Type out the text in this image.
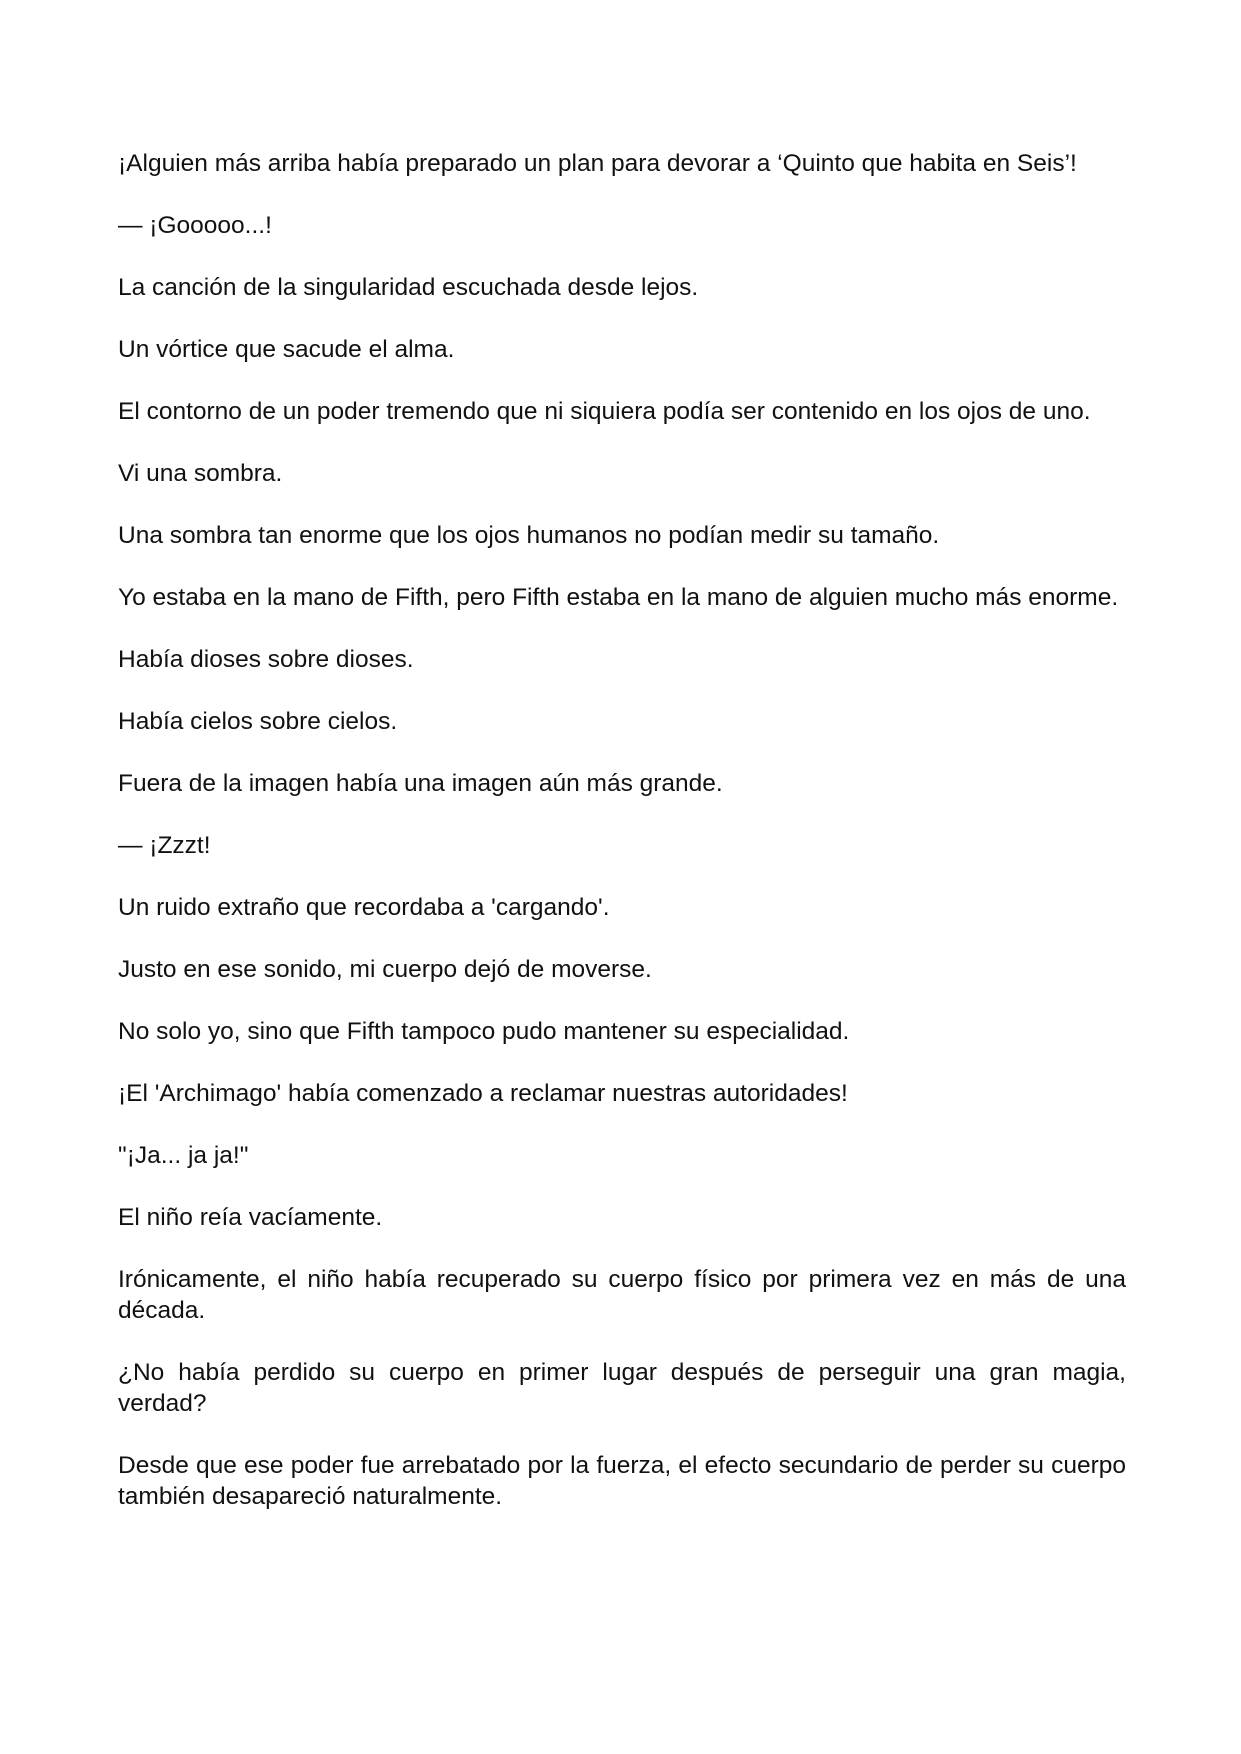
¡Alguien más arriba había preparado un plan para devorar a ‘Quinto que habita en Seis’!

— ¡Gooooo...!

La canción de la singularidad escuchada desde lejos.

Un vórtice que sacude el alma.

El contorno de un poder tremendo que ni siquiera podía ser contenido en los ojos de uno.

Vi una sombra.

Una sombra tan enorme que los ojos humanos no podían medir su tamaño.

Yo estaba en la mano de Fifth, pero Fifth estaba en la mano de alguien mucho más enorme.

Había dioses sobre dioses.

Había cielos sobre cielos.

Fuera de la imagen había una imagen aún más grande.

— ¡Zzzt!

Un ruido extraño que recordaba a 'cargando'.

Justo en ese sonido, mi cuerpo dejó de moverse.

No solo yo, sino que Fifth tampoco pudo mantener su especialidad.

¡El 'Archimago' había comenzado a reclamar nuestras autoridades!

"¡Ja... ja ja!"

El niño reía vacíamente.

Irónicamente, el niño había recuperado su cuerpo físico por primera vez en más de una década.

¿No había perdido su cuerpo en primer lugar después de perseguir una gran magia, verdad?

Desde que ese poder fue arrebatado por la fuerza, el efecto secundario de perder su cuerpo también desapareció naturalmente.
